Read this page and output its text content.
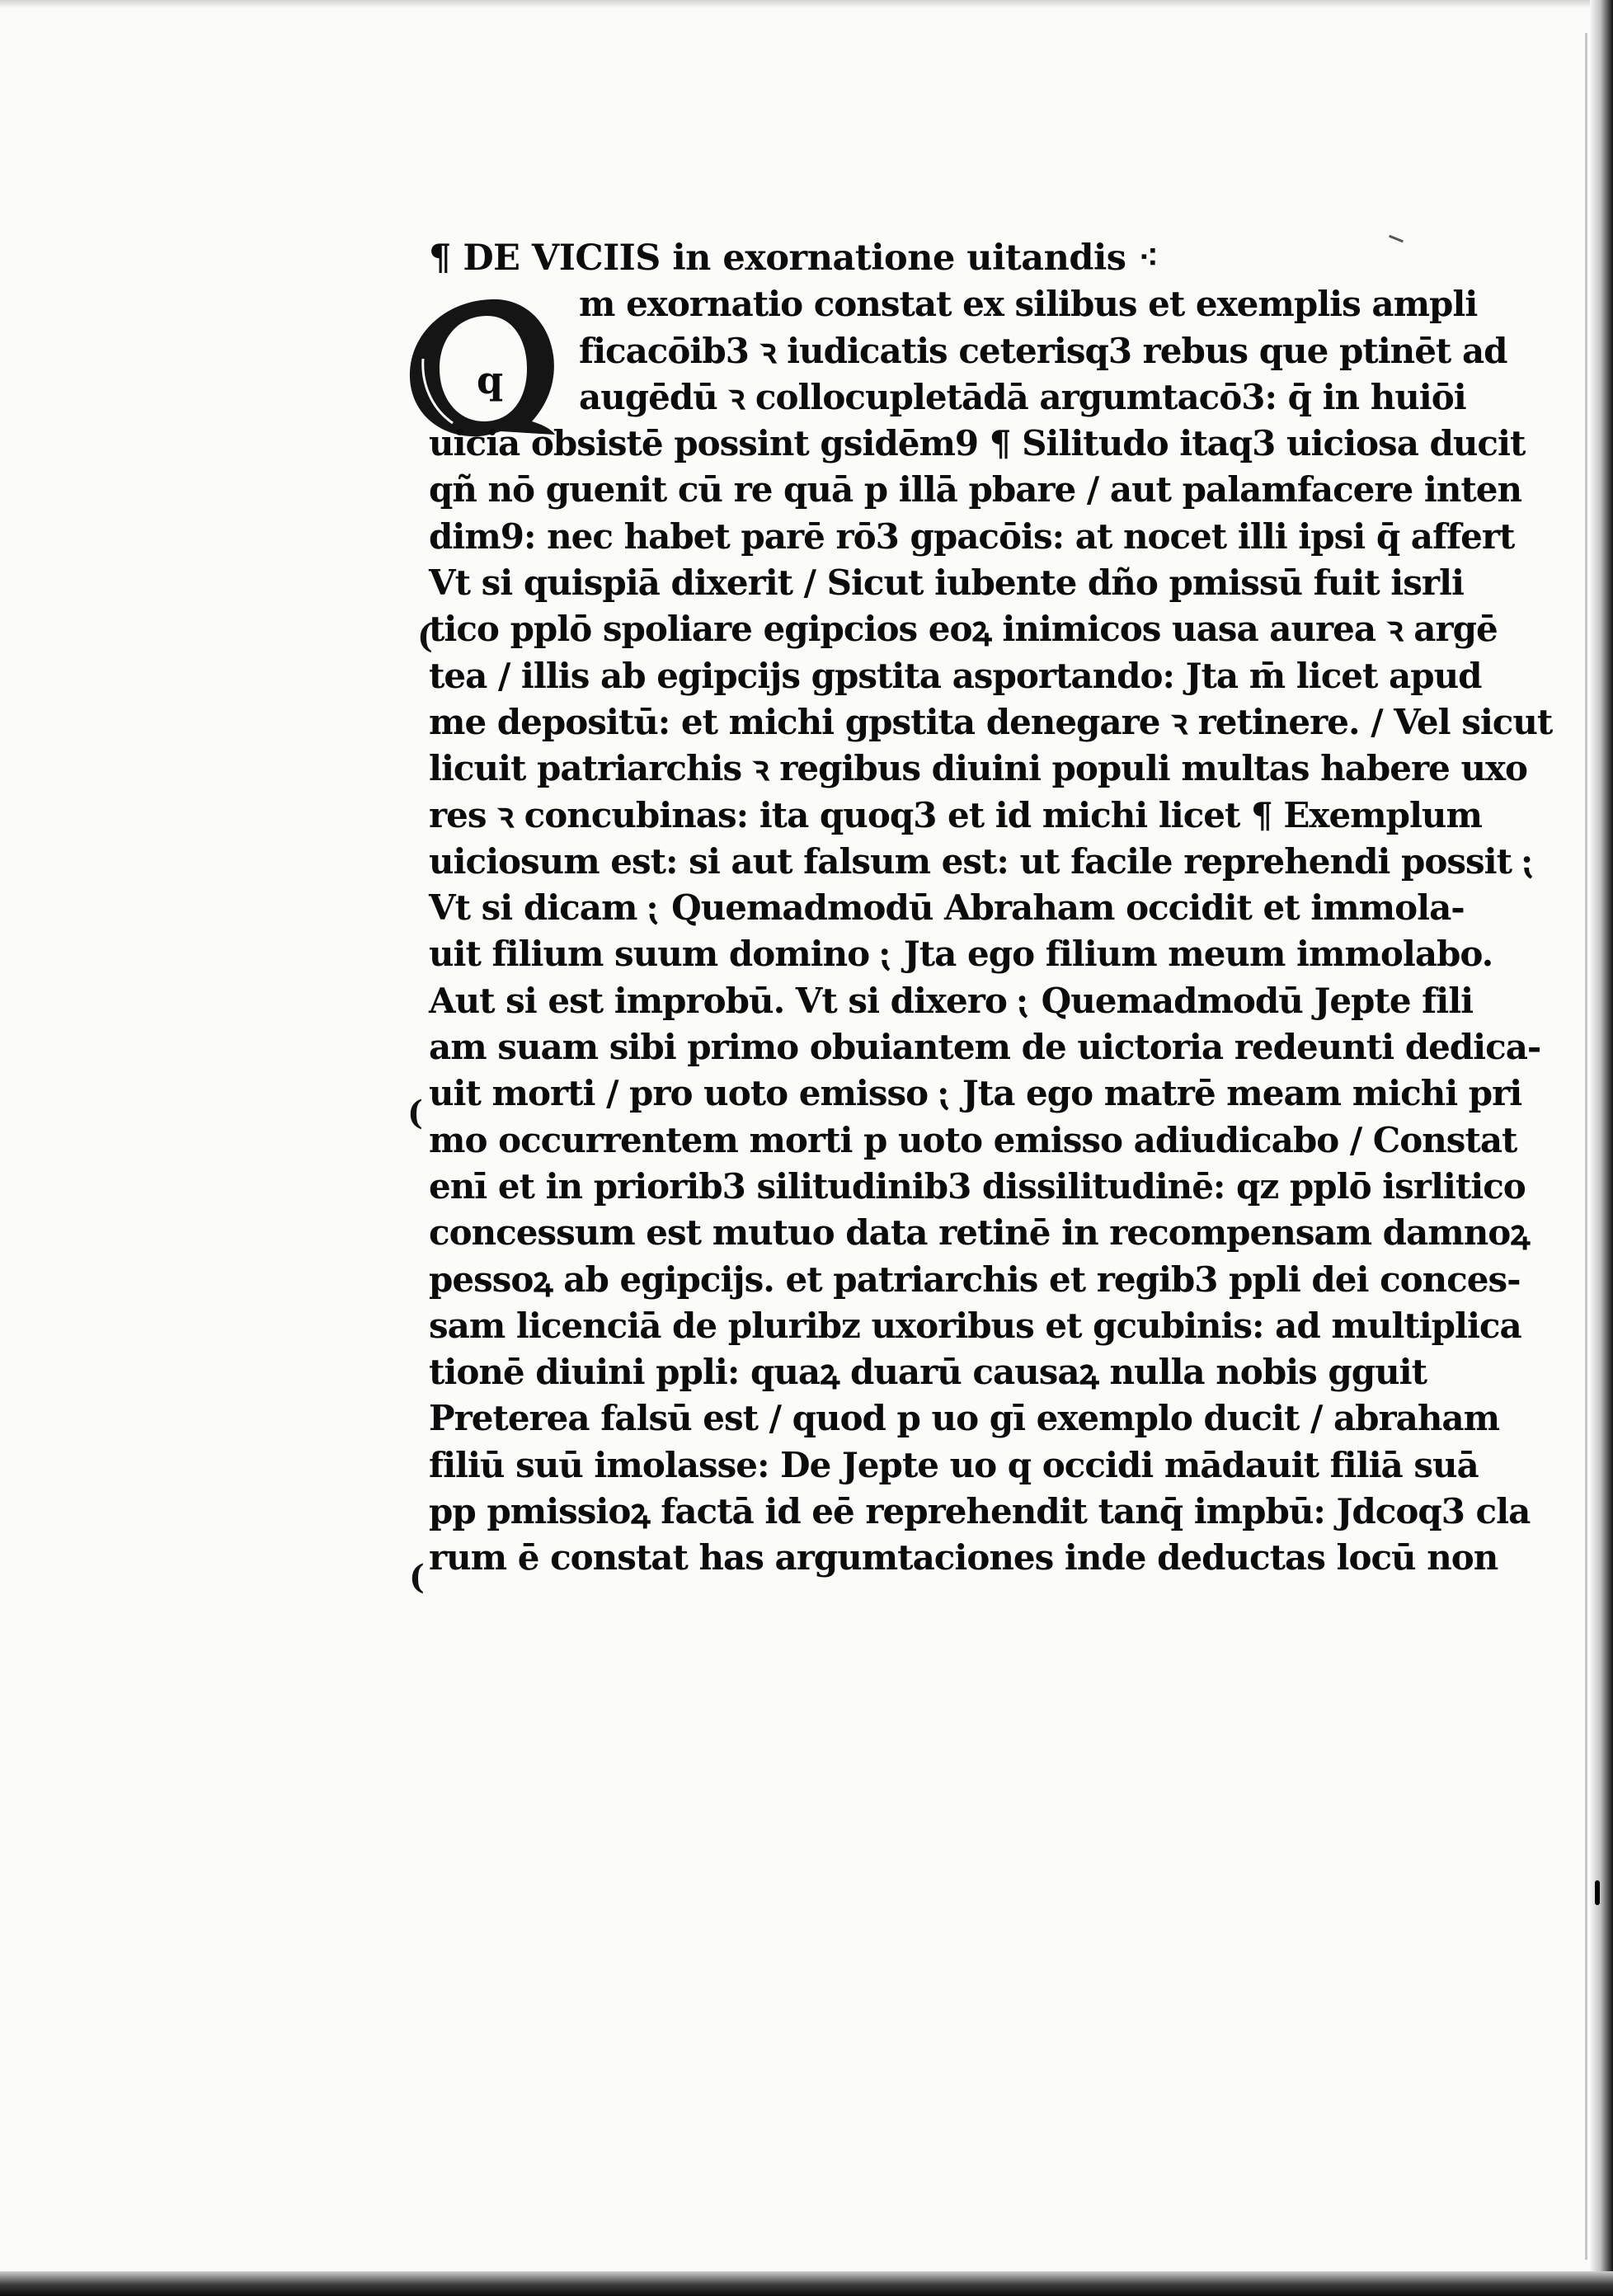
q
(
(
(
¶ DE VICIIS in exornatione uitandis ⁖
m exornatio constat ex silibus et exemplis ampli
ficacōib3 ꝛ iudicatis ceterisq3 rebus que ptinēt ad
augēdū ꝛ collocupletādā argumtacō3: q̄ in huiōi
uicia obsistē possint gsidēm9 ¶ Silitudo itaq3 uiciosa ducit
qñ nō guenit cū re quā p illā pbare / aut palamfacere inten
dim9: nec habet parē rō3 gpacōis: at nocet illi ipsi q̄ affert
Vt si quispiā dixerit / Sicut iubente dño pmissū fuit isrli
tico pplō spoliare egipcios eoꝝ inimicos uasa aurea ꝛ argē
tea / illis ab egipcijs gpstita asportando: Jta m̄ licet apud
me depositū: et michi gpstita denegare ꝛ retinere. / Vel sicut
licuit patriarchis ꝛ regibus diuini populi multas habere uxo
res ꝛ concubinas: ita quoq3 et id michi licet ¶ Exemplum
uiciosum est: si aut falsum est: ut facile reprehendi possit ⁏
Vt si dicam ⁏ Quemadmodū Abraham occidit et immola-
uit filium suum domino ⁏ Jta ego filium meum immolabo.
Aut si est improbū. Vt si dixero ⁏ Quemadmodū Jepte fili
am suam sibi primo obuiantem de uictoria redeunti dedica-
uit morti / pro uoto emisso ⁏ Jta ego matrē meam michi pri
mo occurrentem morti p uoto emisso adiudicabo / Constat
enī et in priorib3 silitudinib3 dissilitudinē: qz pplō isrlitico
concessum est mutuo data retinē in recompensam damnoꝝ
pessoꝝ ab egipcijs. et patriarchis et regib3 ppli dei conces-
sam licenciā de pluribz uxoribus et gcubinis: ad multiplica
tionē diuini ppli: quaꝝ duarū causaꝝ nulla nobis gguit
Preterea falsū est / quod p uo gī exemplo ducit / abraham
filiū suū imolasse: De Jepte uo q occidi mādauit filiā suā
pp pmissioꝝ factā id eē reprehendit tanq̄ impbū: Jdcoq3 cla
rum ē constat has argumtaciones inde deductas locū non
